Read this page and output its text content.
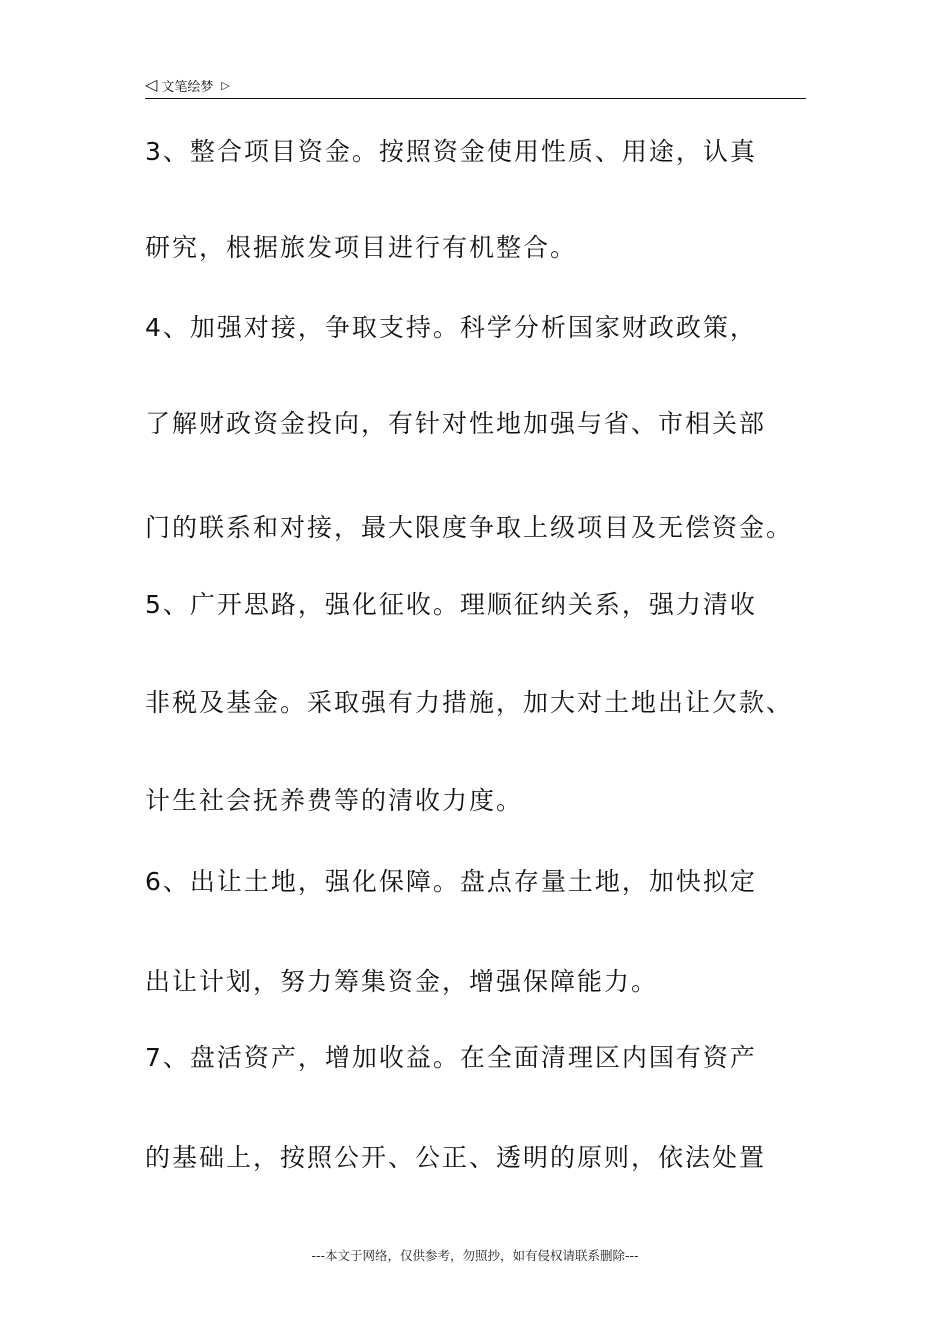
◁ 文笔绘梦 ▷
3、整合项目资金。按照资金使用性质、用途，认真
研究，根据旅发项目进行有机整合。
4、加强对接，争取支持。科学分析国家财政政策，
了解财政资金投向，有针对性地加强与省、市相关部
门的联系和对接，最大限度争取上级项目及无偿资金。
5、广开思路，强化征收。理顺征纳关系，强力清收
非税及基金。采取强有力措施，加大对土地出让欠款、
计生社会抚养费等的清收力度。
6、出让土地，强化保障。盘点存量土地，加快拟定
出让计划，努力筹集资金，增强保障能力。
7、盘活资产，增加收益。在全面清理区内国有资产
的基础上，按照公开、公正、透明的原则，依法处置
---本文于网络，仅供参考，勿照抄，如有侵权请联系删除---
